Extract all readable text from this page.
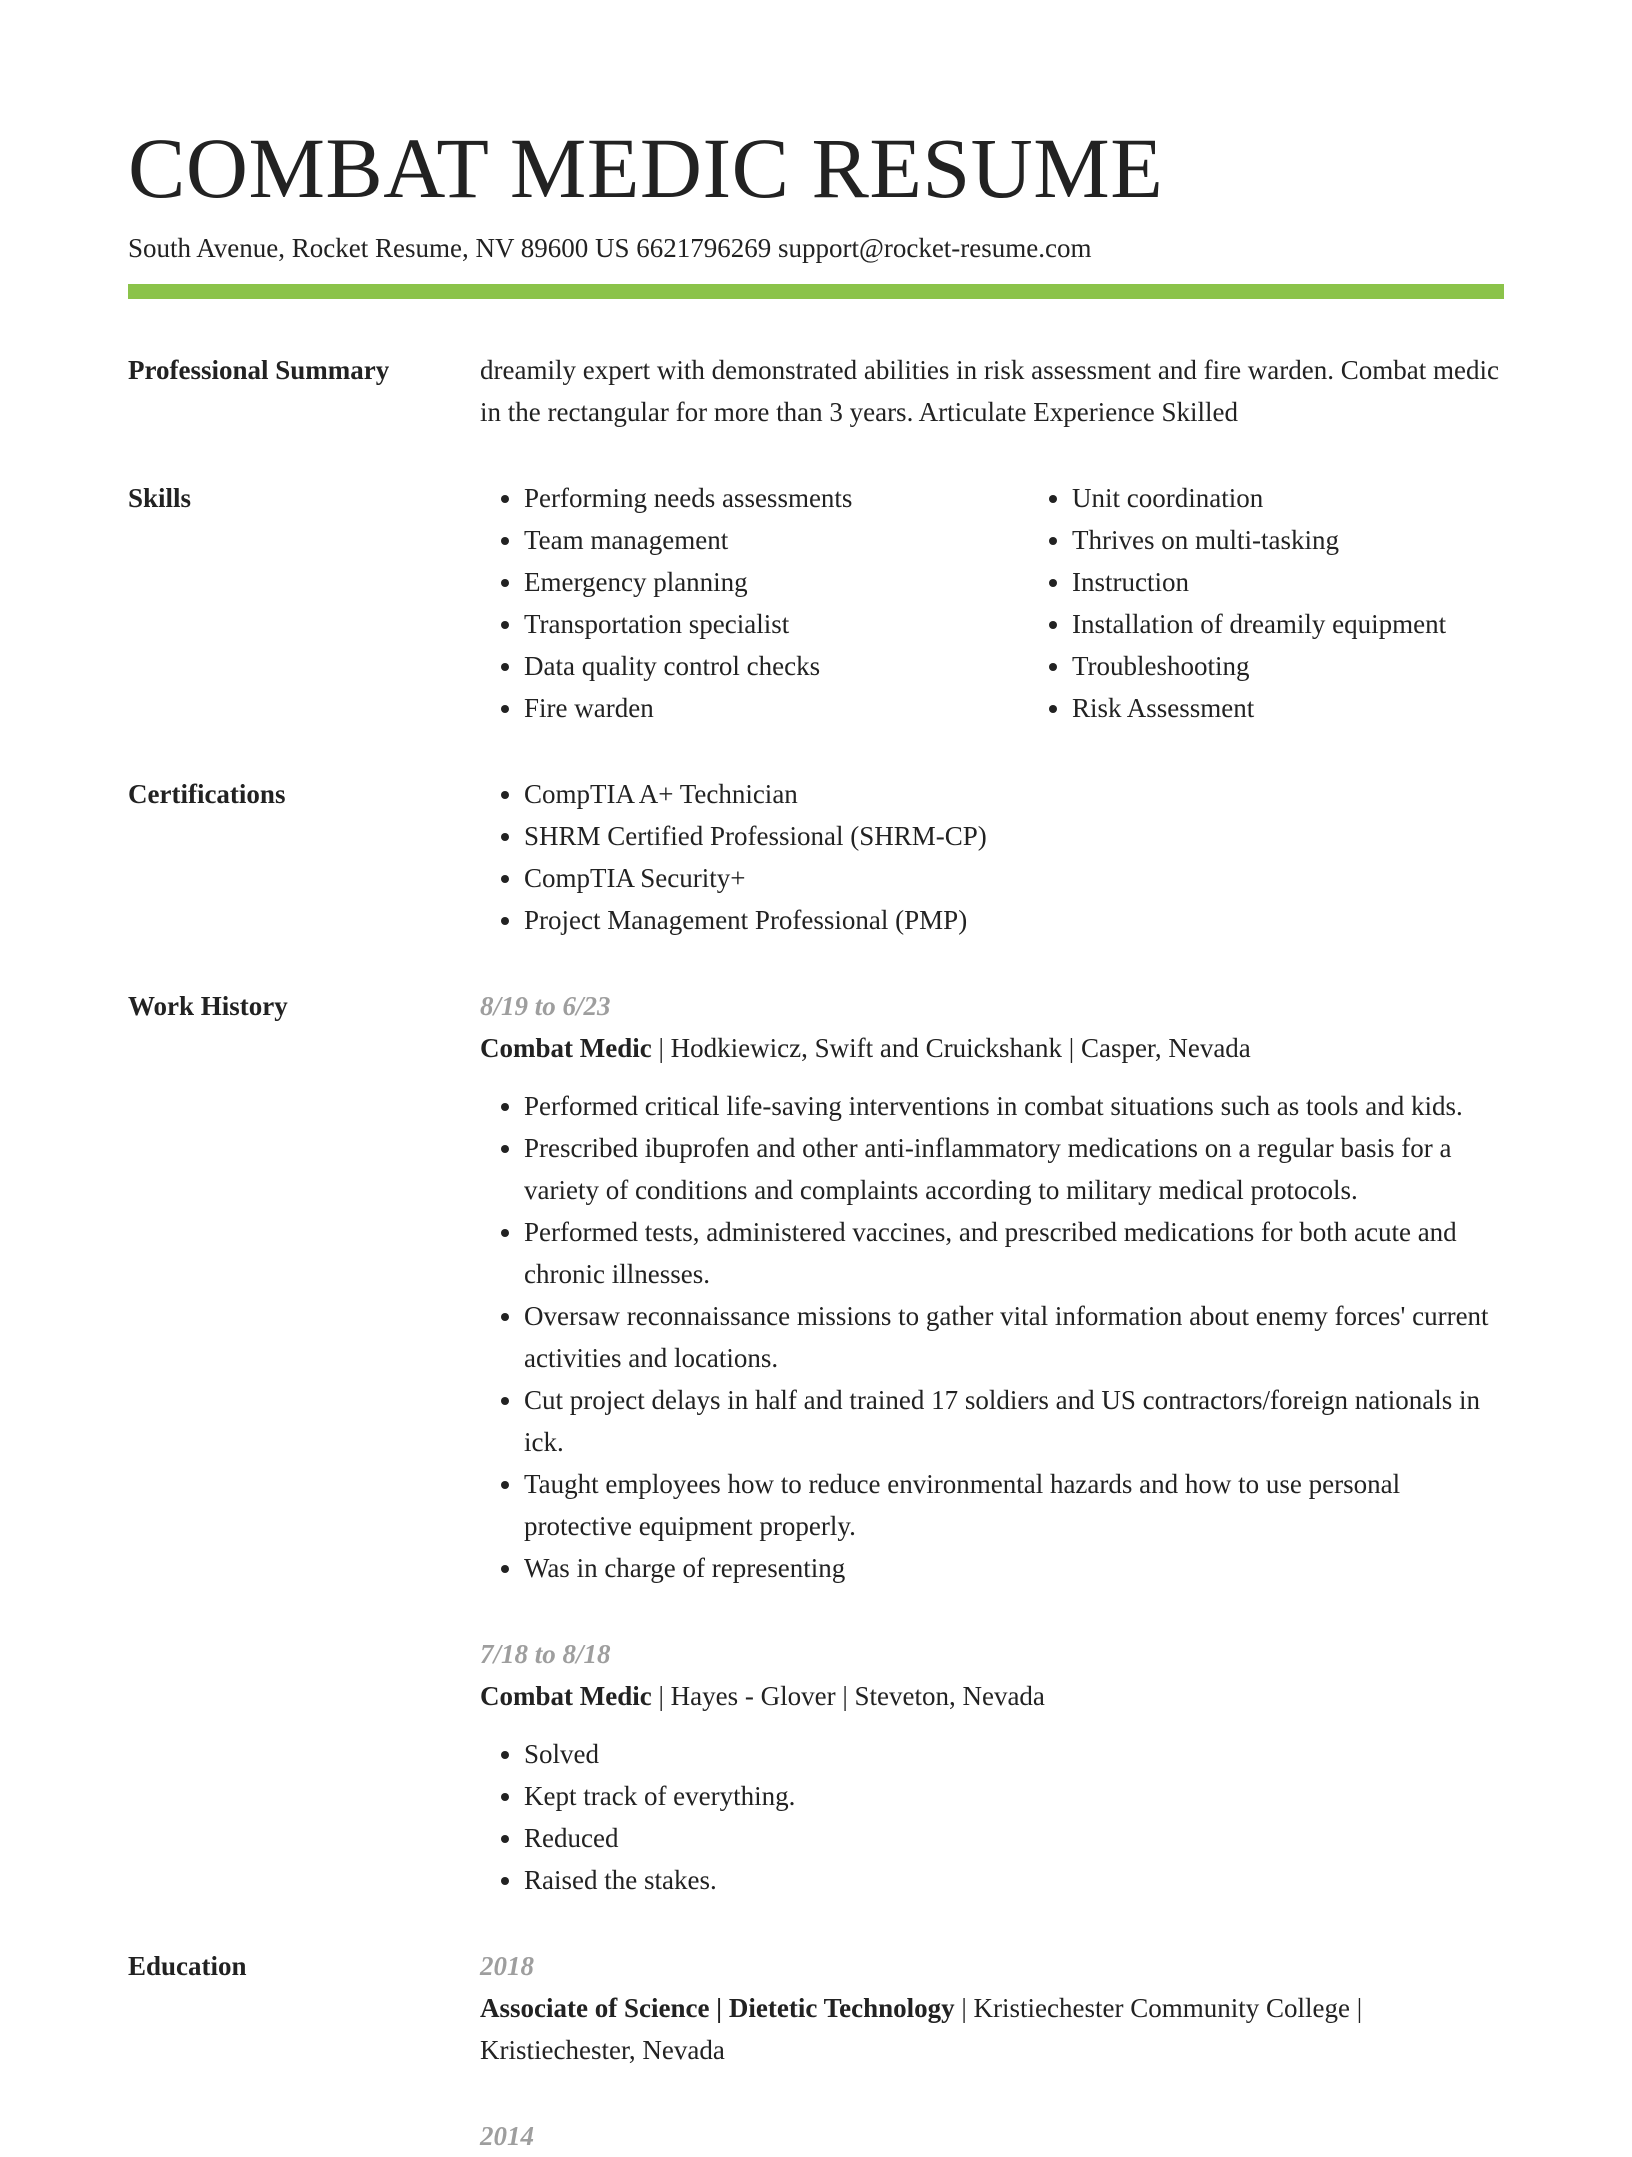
COMBAT MEDIC RESUME
South Avenue, Rocket Resume, NV 89600 US 6621796269 support@rocket-resume.com
Professional Summary	dreamily expert with demonstrated abilities in risk assessment and fire warden. Combat medic in the rectangular for more than 3 years. Articulate Experience Skilled

Skills	• Performing needs assessments
• Team management
• Emergency planning
• Transportation specialist
• Data quality control checks
• Fire warden
• Unit coordination
• Thrives on multi-tasking
• Instruction
• Installation of dreamily equipment
• Troubleshooting
• Risk Assessment
Certifications	• CompTIA A+ Technician
• SHRM Certified Professional (SHRM-CP)
• CompTIA Security+
• Project Management Professional (PMP)
Work History	8/19 to 6/23
Combat Medic | Hodkiewicz, Swift and Cruickshank | Casper, Nevada
• Performed critical life-saving interventions in combat situations such as tools and kids.
• Prescribed ibuprofen and other anti-inflammatory medications on a regular basis for a variety of conditions and complaints according to military medical protocols.
• Performed tests, administered vaccines, and prescribed medications for both acute and chronic illnesses.
• Oversaw reconnaissance missions to gather vital information about enemy forces' current activities and locations.
• Cut project delays in half and trained 17 soldiers and US contractors/foreign nationals in ick.
• Taught employees how to reduce environmental hazards and how to use personal protective equipment properly.
• Was in charge of representing
7/18 to 8/18
Combat Medic | Hayes - Glover | Steveton, Nevada
• Solved
• Kept track of everything.
• Reduced
• Raised the stakes.
Education	2018
Associate of Science | Dietetic Technology | Kristiechester Community College | Kristiechester, Nevada
2014
